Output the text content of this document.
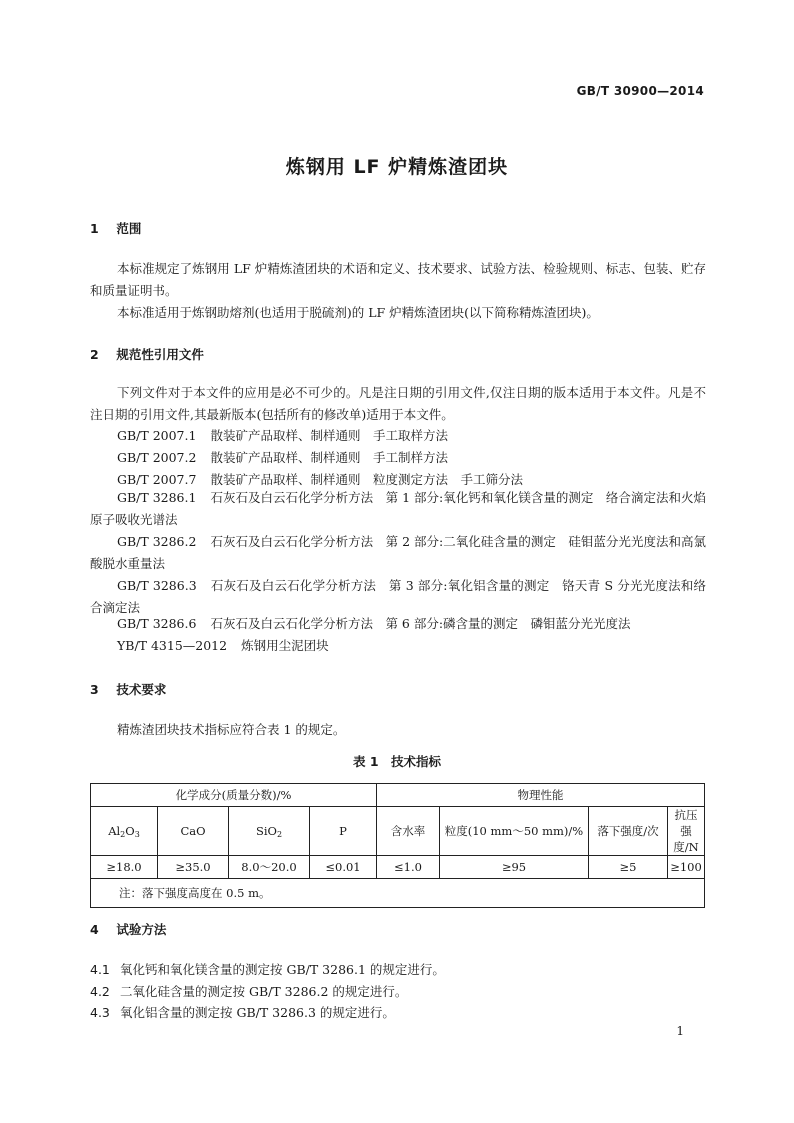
GB/T 30900—2014
炼钢用 LF 炉精炼渣团块
1 范围
本标准规定了炼钢用 LF 炉精炼渣团块的术语和定义、技术要求、试验方法、检验规则、标志、包装、贮存和质量证明书。
本标准适用于炼钢助熔剂(也适用于脱硫剂)的 LF 炉精炼渣团块(以下简称精炼渣团块)。
2 规范性引用文件
下列文件对于本文件的应用是必不可少的。凡是注日期的引用文件,仅注日期的版本适用于本文件。凡是不注日期的引用文件,其最新版本(包括所有的修改单)适用于本文件。
GB/T 2007.1 散装矿产品取样、制样通则　手工取样方法
GB/T 2007.2 散装矿产品取样、制样通则　手工制样方法
GB/T 2007.7 散装矿产品取样、制样通则　粒度测定方法　手工筛分法
GB/T 3286.1 石灰石及白云石化学分析方法　第 1 部分:氧化钙和氧化镁含量的测定　络合滴定法和火焰原子吸收光谱法
GB/T 3286.2 石灰石及白云石化学分析方法　第 2 部分:二氧化硅含量的测定　硅钼蓝分光光度法和高氯酸脱水重量法
GB/T 3286.3 石灰石及白云石化学分析方法　第 3 部分:氧化铝含量的测定　铬天青 S 分光光度法和络合滴定法
GB/T 3286.6 石灰石及白云石化学分析方法　第 6 部分:磷含量的测定　磷钼蓝分光光度法
YB/T 4315—2012 炼钢用尘泥团块
3 技术要求
精炼渣团块技术指标应符合表 1 的规定。
表 1　技术指标
化学成分(质量分数)/%				物理性能			
$Al_2O_3$	CaO	SiO$_2$	P	含水率	粒度(10 mm～50 mm)/%	落下强度/次	抗压强度/N
≥18.0	≥35.0	8.0～20.0	≤0.01	≤1.0	≥95	≥5	≥100
注：落下强度高度在 0.5 m。							
4 试验方法
4.1 氧化钙和氧化镁含量的测定按 GB/T 3286.1 的规定进行。
4.2 二氧化硅含量的测定按 GB/T 3286.2 的规定进行。
4.3 氧化铝含量的测定按 GB/T 3286.3 的规定进行。
1
